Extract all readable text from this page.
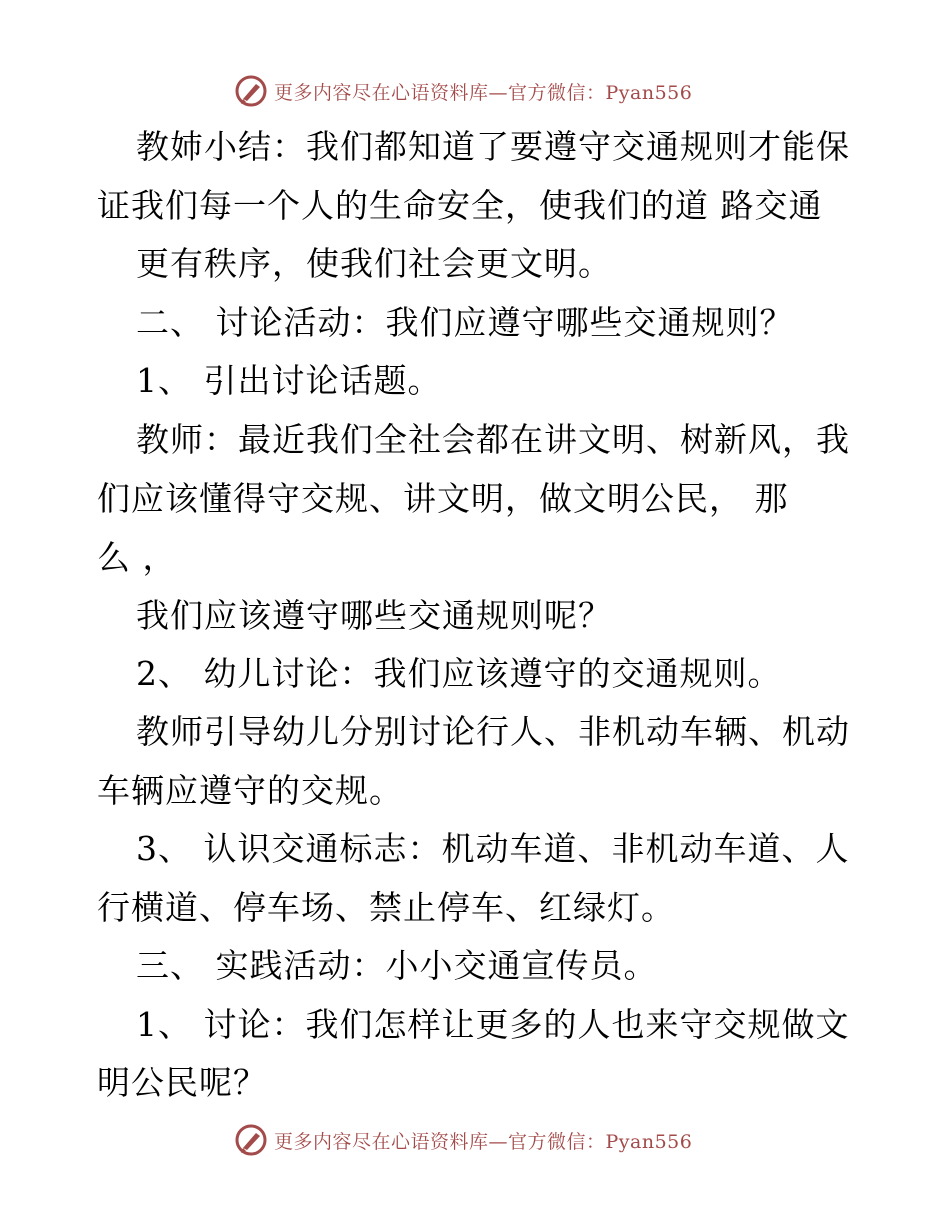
更多内容尽在心语资料库—官方微信：Pyan556
教姉小结：我们都知道了要遵守交通规则才能保
证我们每一个人的生命安全，使我们的道 路交通
更有秩序，使我们社会更文明。
二、 讨论活动：我们应遵守哪些交通规则？
1、 引出讨论话题。
教师：最近我们全社会都在讲文明、树新风，我
们应该懂得守交规、讲文明，做文明公民， 那
么 ，
我们应该遵守哪些交通规则呢？
2、 幼儿讨论：我们应该遵守的交通规则。
教师引导幼儿分别讨论行人、非机动车辆、机动
车辆应遵守的交规。
3、 认识交通标志：机动车道、非机动车道、人
行横道、停车场、禁止停车、红绿灯。
三、 实践活动：小小交通宣传员。
1、 讨论：我们怎样让更多的人也来守交规做文
明公民呢？
更多内容尽在心语资料库—官方微信：Pyan556
